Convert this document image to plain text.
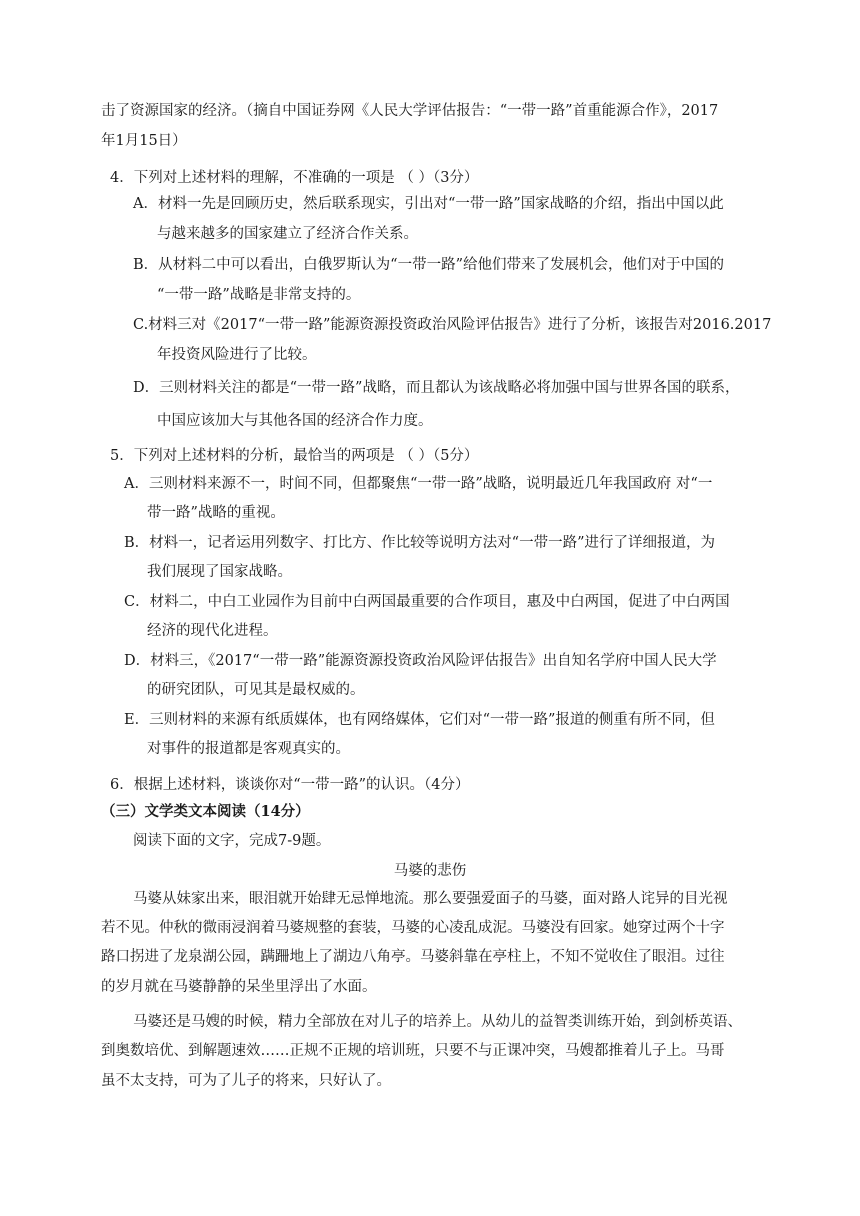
击了资源国家的经济。（摘自中国证券网《人民大学评估报告：“一带一路”首重能源合作》，2017
年1月15日）
4．下列对上述材料的理解，不准确的一项是 （ ）（3分）
A．材料一先是回顾历史，然后联系现实，引出对“一带一路”国家战略的介绍，指出中国以此
与越来越多的国家建立了经济合作关系。
B．从材料二中可以看出，白俄罗斯认为“一带一路”给他们带来了发展机会，他们对于中国的
“一带一路”战略是非常支持的。
C.材料三对《2017“一带一路”能源资源投资政治风险评估报告》进行了分析，该报告对2016.2017
年投资风险进行了比较。
D．三则材料关注的都是“一带一路”战略，而且都认为该战略必将加强中国与世界各国的联系，
中国应该加大与其他各国的经济合作力度。
5．下列对上述材料的分析，最恰当的两项是 （ ）（5分）
A．三则材料来源不一，时间不同，但都聚焦“一带一路”战略，说明最近几年我国政府 对“一
带一路”战略的重视。
B．材料一，记者运用列数字、打比方、作比较等说明方法对“一带一路”进行了详细报道，为
我们展现了国家战略。
C．材料二，中白工业园作为目前中白两国最重要的合作项目，惠及中白两国，促进了中白两国
经济的现代化进程。
D．材料三，《2017“一带一路”能源资源投资政治风险评估报告》出自知名学府中国人民大学
的研究团队，可见其是最权威的。
E．三则材料的来源有纸质媒体，也有网络媒体，它们对“一带一路”报道的侧重有所不同，但
对事件的报道都是客观真实的。
6．根据上述材料，谈谈你对“一带一路”的认识。（4分）
（三）文学类文本阅读（14分）
阅读下面的文字，完成7-9题。
马婆的悲伤
马婆从妹家出来，眼泪就开始肆无忌惮地流。那么要强爱面子的马婆，面对路人诧异的目光视
若不见。仲秋的微雨浸润着马婆规整的套装，马婆的心凌乱成泥。马婆没有回家。她穿过两个十字
路口拐进了龙泉湖公园，蹒跚地上了湖边八角亭。马婆斜靠在亭柱上，不知不觉收住了眼泪。过往
的岁月就在马婆静静的呆坐里浮出了水面。
马婆还是马嫂的时候，精力全部放在对儿子的培养上。从幼儿的益智类训练开始，到剑桥英语、
到奥数培优、到解题速效……正规不正规的培训班，只要不与正课冲突，马嫂都推着儿子上。马哥
虽不太支持，可为了儿子的将来，只好认了。
